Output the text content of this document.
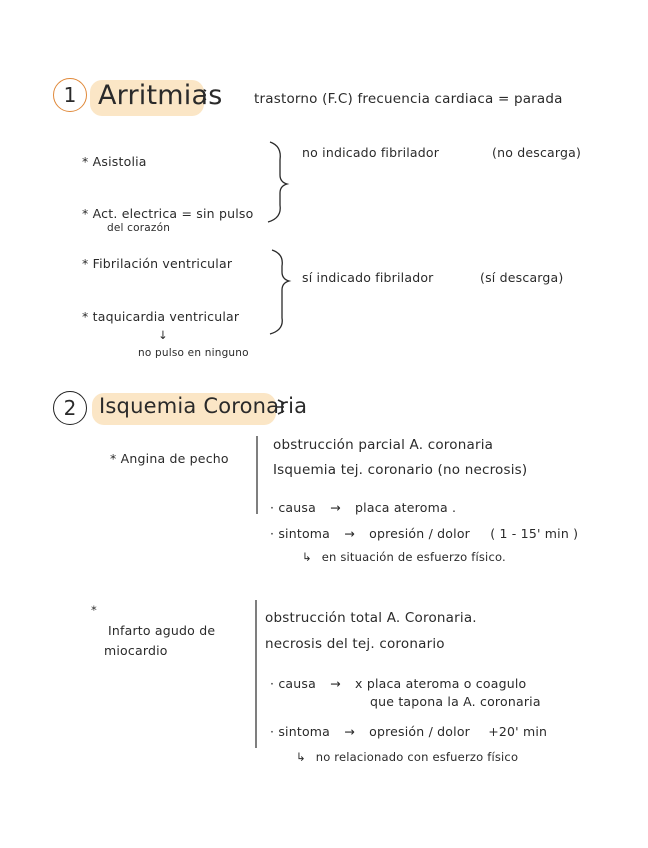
1 Arritmias trastorno (F.C) frecuencia cardiaca = parada
* Asistolia
* Act. electrica = sin pulso
del corazón
no indicado fibrilador	(no descarga)
* Fibrilación ventricular
* taquicardia ventricular
sí indicado fibrilador	(sí descarga)
↓
no pulso en ninguno
2	Isquemia Coronaria
* Angina de pecho
obstrucción parcial A. coronaria
Isquemia tej. coronario (no necrosis)
· causa → placa ateroma .
· sintoma → opresión / dolor ( 1 - 15' min )
↳ en situación de esfuerzo físico.
*
Infarto agudo de
miocardio
obstrucción total A. Coronaria.
necrosis del tej. coronario
· causa → x placa ateroma o coagulo
que tapona la A. coronaria
· sintoma → opresión / dolor +20' min
↳ no relacionado con esfuerzo físico
